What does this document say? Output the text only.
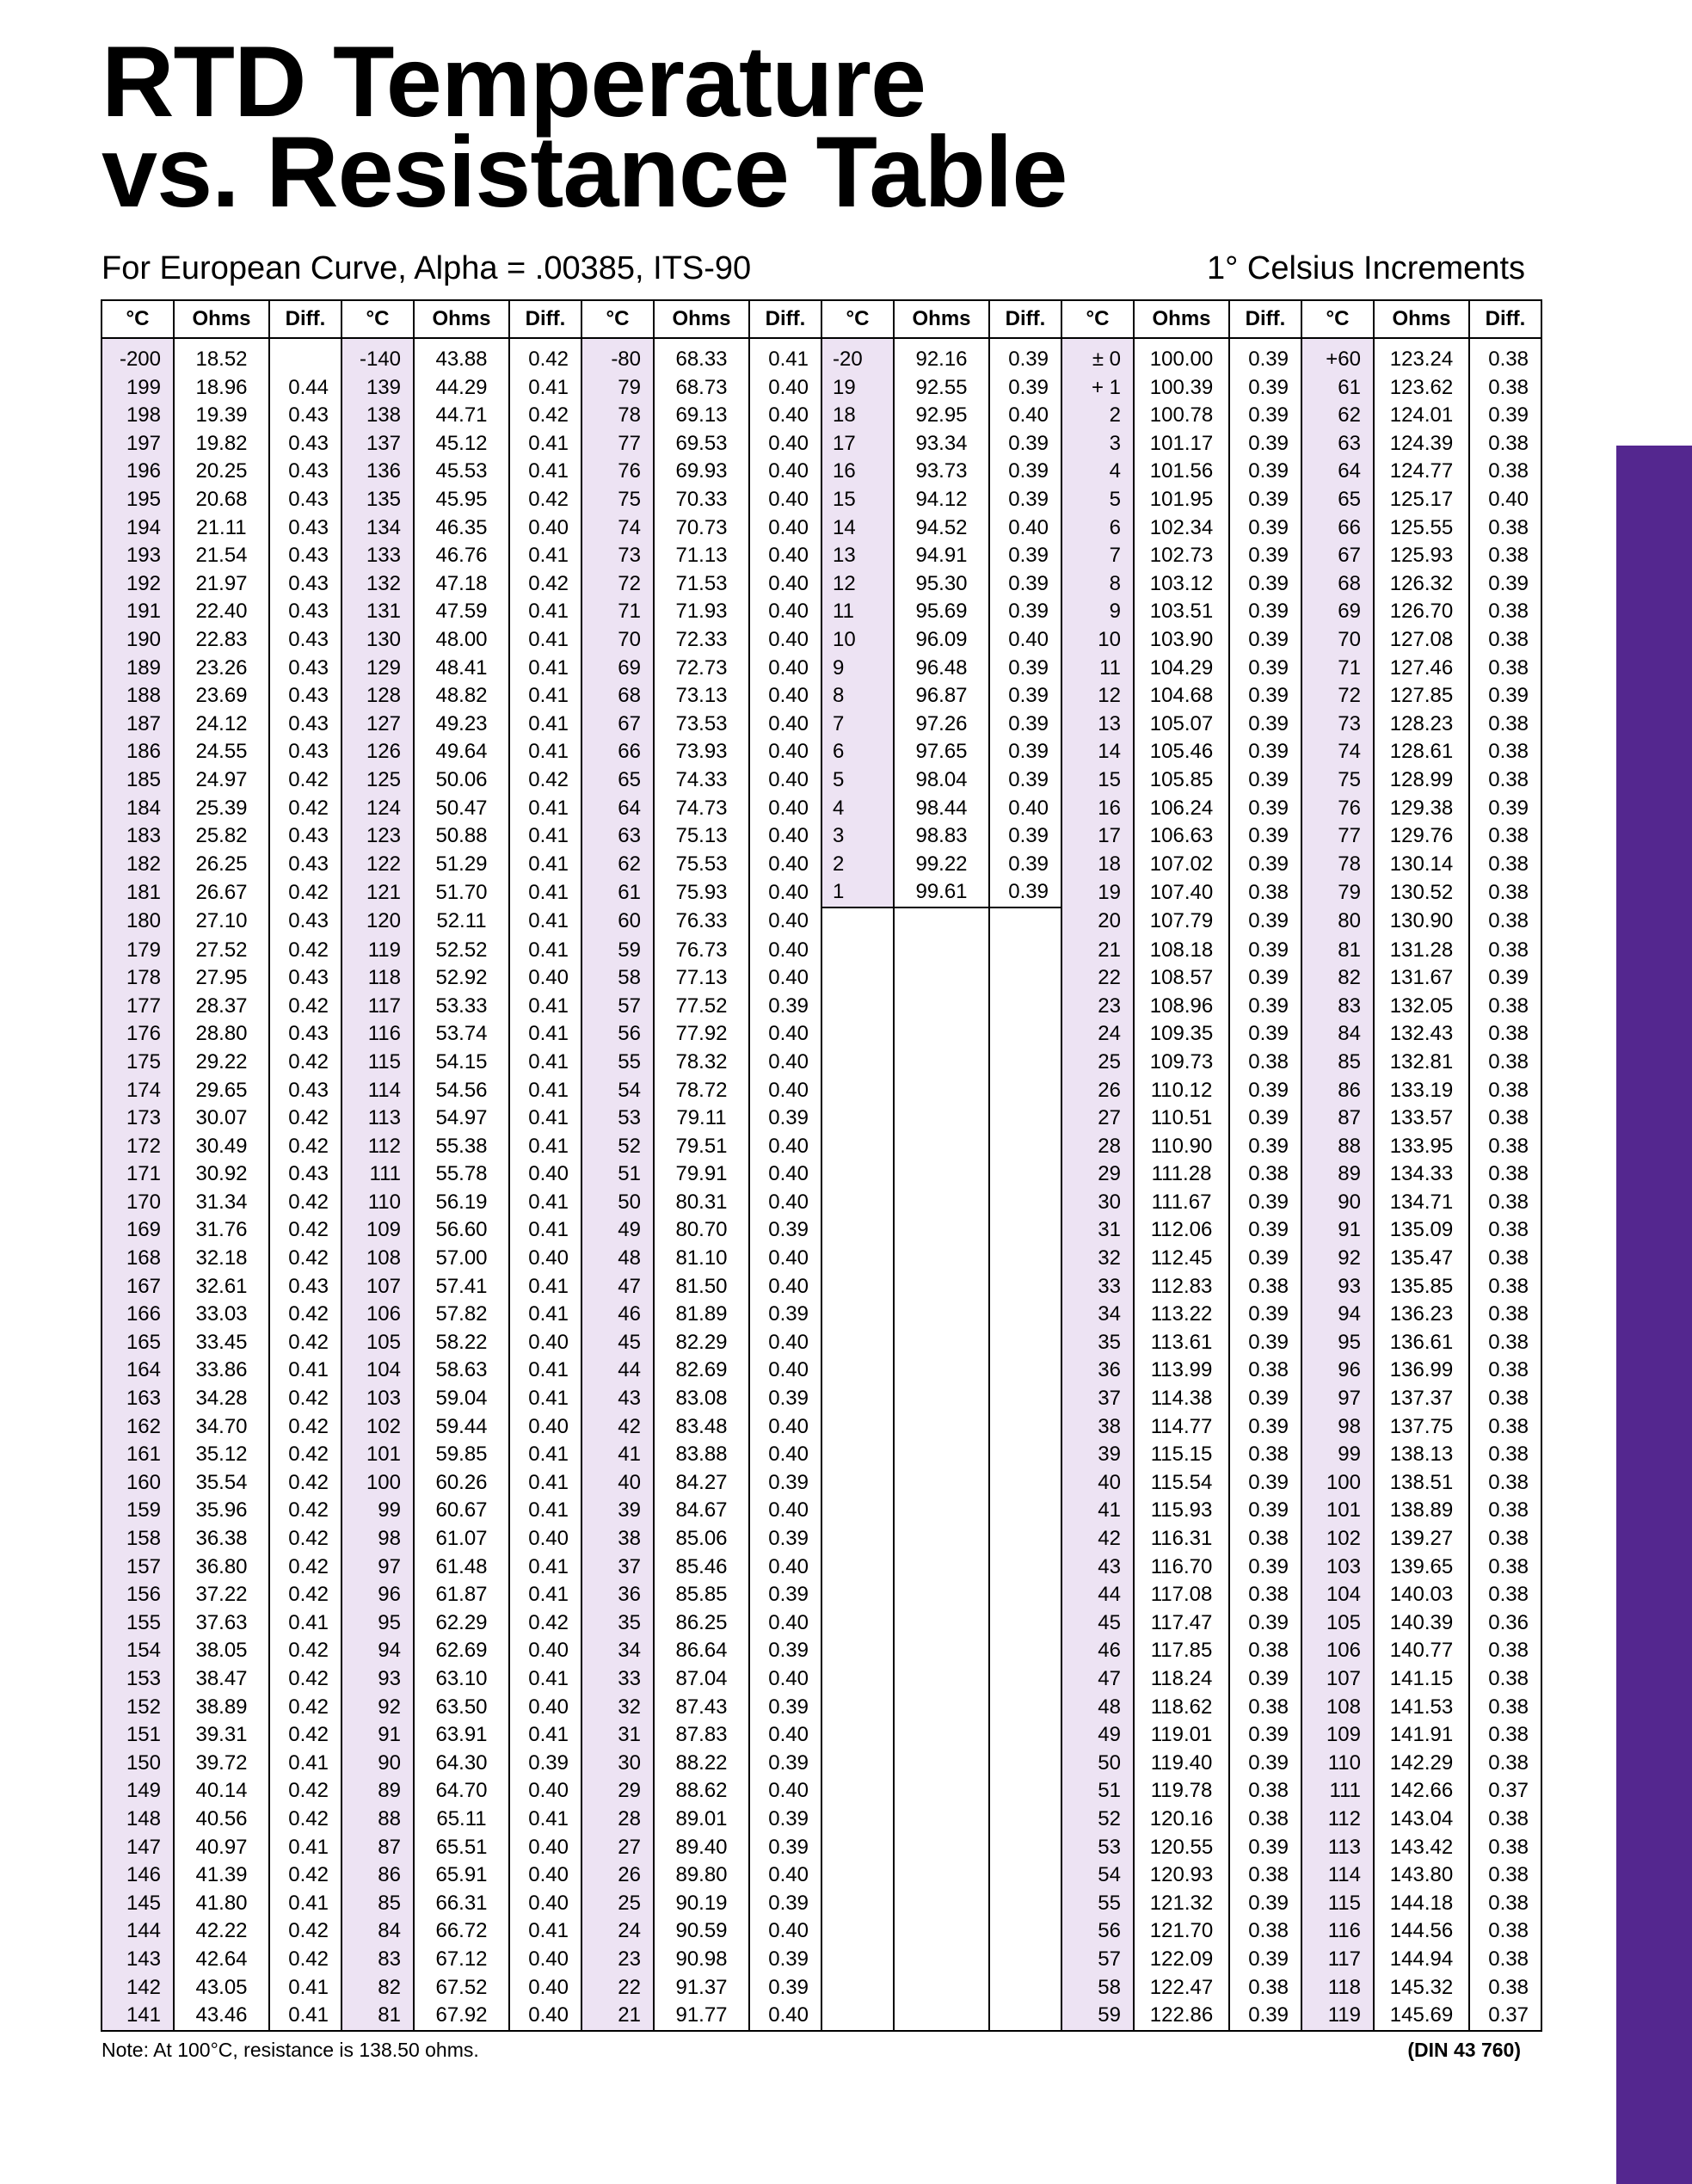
RTD Temperature
vs. Resistance Table
For European Curve, Alpha = .00385, ITS-90	1° Celsius Increments
°C	Ohms	Diff.	°C	Ohms	Diff.	°C	Ohms	Diff.	°C	Ohms	Diff.	°C	Ohms	Diff.	°C	Ohms	Diff.
-200	18.52		-140	43.88	0.42	-80	68.33	0.41	-20	92.16	0.39	± 0	100.00	0.39	+60	123.24	0.38
199	18.96	0.44	139	44.29	0.41	79	68.73	0.40	19	92.55	0.39	+ 1	100.39	0.39	61	123.62	0.38
198	19.39	0.43	138	44.71	0.42	78	69.13	0.40	18	92.95	0.40	2	100.78	0.39	62	124.01	0.39
197	19.82	0.43	137	45.12	0.41	77	69.53	0.40	17	93.34	0.39	3	101.17	0.39	63	124.39	0.38
196	20.25	0.43	136	45.53	0.41	76	69.93	0.40	16	93.73	0.39	4	101.56	0.39	64	124.77	0.38
195	20.68	0.43	135	45.95	0.42	75	70.33	0.40	15	94.12	0.39	5	101.95	0.39	65	125.17	0.40
194	21.11	0.43	134	46.35	0.40	74	70.73	0.40	14	94.52	0.40	6	102.34	0.39	66	125.55	0.38
193	21.54	0.43	133	46.76	0.41	73	71.13	0.40	13	94.91	0.39	7	102.73	0.39	67	125.93	0.38
192	21.97	0.43	132	47.18	0.42	72	71.53	0.40	12	95.30	0.39	8	103.12	0.39	68	126.32	0.39
191	22.40	0.43	131	47.59	0.41	71	71.93	0.40	11	95.69	0.39	9	103.51	0.39	69	126.70	0.38
190	22.83	0.43	130	48.00	0.41	70	72.33	0.40	10	96.09	0.40	10	103.90	0.39	70	127.08	0.38
189	23.26	0.43	129	48.41	0.41	69	72.73	0.40	9	96.48	0.39	11	104.29	0.39	71	127.46	0.38
188	23.69	0.43	128	48.82	0.41	68	73.13	0.40	8	96.87	0.39	12	104.68	0.39	72	127.85	0.39
187	24.12	0.43	127	49.23	0.41	67	73.53	0.40	7	97.26	0.39	13	105.07	0.39	73	128.23	0.38
186	24.55	0.43	126	49.64	0.41	66	73.93	0.40	6	97.65	0.39	14	105.46	0.39	74	128.61	0.38
185	24.97	0.42	125	50.06	0.42	65	74.33	0.40	5	98.04	0.39	15	105.85	0.39	75	128.99	0.38
184	25.39	0.42	124	50.47	0.41	64	74.73	0.40	4	98.44	0.40	16	106.24	0.39	76	129.38	0.39
183	25.82	0.43	123	50.88	0.41	63	75.13	0.40	3	98.83	0.39	17	106.63	0.39	77	129.76	0.38
182	26.25	0.43	122	51.29	0.41	62	75.53	0.40	2	99.22	0.39	18	107.02	0.39	78	130.14	0.38
181	26.67	0.42	121	51.70	0.41	61	75.93	0.40	1	99.61	0.39	19	107.40	0.38	79	130.52	0.38
180	27.10	0.43	120	52.11	0.41	60	76.33	0.40				20	107.79	0.39	80	130.90	0.38
179	27.52	0.42	119	52.52	0.41	59	76.73	0.40				21	108.18	0.39	81	131.28	0.38
178	27.95	0.43	118	52.92	0.40	58	77.13	0.40				22	108.57	0.39	82	131.67	0.39
177	28.37	0.42	117	53.33	0.41	57	77.52	0.39				23	108.96	0.39	83	132.05	0.38
176	28.80	0.43	116	53.74	0.41	56	77.92	0.40				24	109.35	0.39	84	132.43	0.38
175	29.22	0.42	115	54.15	0.41	55	78.32	0.40				25	109.73	0.38	85	132.81	0.38
174	29.65	0.43	114	54.56	0.41	54	78.72	0.40				26	110.12	0.39	86	133.19	0.38
173	30.07	0.42	113	54.97	0.41	53	79.11	0.39				27	110.51	0.39	87	133.57	0.38
172	30.49	0.42	112	55.38	0.41	52	79.51	0.40				28	110.90	0.39	88	133.95	0.38
171	30.92	0.43	111	55.78	0.40	51	79.91	0.40				29	111.28	0.38	89	134.33	0.38
170	31.34	0.42	110	56.19	0.41	50	80.31	0.40				30	111.67	0.39	90	134.71	0.38
169	31.76	0.42	109	56.60	0.41	49	80.70	0.39				31	112.06	0.39	91	135.09	0.38
168	32.18	0.42	108	57.00	0.40	48	81.10	0.40				32	112.45	0.39	92	135.47	0.38
167	32.61	0.43	107	57.41	0.41	47	81.50	0.40				33	112.83	0.38	93	135.85	0.38
166	33.03	0.42	106	57.82	0.41	46	81.89	0.39				34	113.22	0.39	94	136.23	0.38
165	33.45	0.42	105	58.22	0.40	45	82.29	0.40				35	113.61	0.39	95	136.61	0.38
164	33.86	0.41	104	58.63	0.41	44	82.69	0.40				36	113.99	0.38	96	136.99	0.38
163	34.28	0.42	103	59.04	0.41	43	83.08	0.39				37	114.38	0.39	97	137.37	0.38
162	34.70	0.42	102	59.44	0.40	42	83.48	0.40				38	114.77	0.39	98	137.75	0.38
161	35.12	0.42	101	59.85	0.41	41	83.88	0.40				39	115.15	0.38	99	138.13	0.38
160	35.54	0.42	100	60.26	0.41	40	84.27	0.39				40	115.54	0.39	100	138.51	0.38
159	35.96	0.42	99	60.67	0.41	39	84.67	0.40				41	115.93	0.39	101	138.89	0.38
158	36.38	0.42	98	61.07	0.40	38	85.06	0.39				42	116.31	0.38	102	139.27	0.38
157	36.80	0.42	97	61.48	0.41	37	85.46	0.40				43	116.70	0.39	103	139.65	0.38
156	37.22	0.42	96	61.87	0.41	36	85.85	0.39				44	117.08	0.38	104	140.03	0.38
155	37.63	0.41	95	62.29	0.42	35	86.25	0.40				45	117.47	0.39	105	140.39	0.36
154	38.05	0.42	94	62.69	0.40	34	86.64	0.39				46	117.85	0.38	106	140.77	0.38
153	38.47	0.42	93	63.10	0.41	33	87.04	0.40				47	118.24	0.39	107	141.15	0.38
152	38.89	0.42	92	63.50	0.40	32	87.43	0.39				48	118.62	0.38	108	141.53	0.38
151	39.31	0.42	91	63.91	0.41	31	87.83	0.40				49	119.01	0.39	109	141.91	0.38
150	39.72	0.41	90	64.30	0.39	30	88.22	0.39				50	119.40	0.39	110	142.29	0.38
149	40.14	0.42	89	64.70	0.40	29	88.62	0.40				51	119.78	0.38	111	142.66	0.37
148	40.56	0.42	88	65.11	0.41	28	89.01	0.39				52	120.16	0.38	112	143.04	0.38
147	40.97	0.41	87	65.51	0.40	27	89.40	0.39				53	120.55	0.39	113	143.42	0.38
146	41.39	0.42	86	65.91	0.40	26	89.80	0.40				54	120.93	0.38	114	143.80	0.38
145	41.80	0.41	85	66.31	0.40	25	90.19	0.39				55	121.32	0.39	115	144.18	0.38
144	42.22	0.42	84	66.72	0.41	24	90.59	0.40				56	121.70	0.38	116	144.56	0.38
143	42.64	0.42	83	67.12	0.40	23	90.98	0.39				57	122.09	0.39	117	144.94	0.38
142	43.05	0.41	82	67.52	0.40	22	91.37	0.39				58	122.47	0.38	118	145.32	0.38
141	43.46	0.41	81	67.92	0.40	21	91.77	0.40				59	122.86	0.39	119	145.69	0.37
Note: At 100°C, resistance is 138.50 ohms.	(DIN 43 760)
